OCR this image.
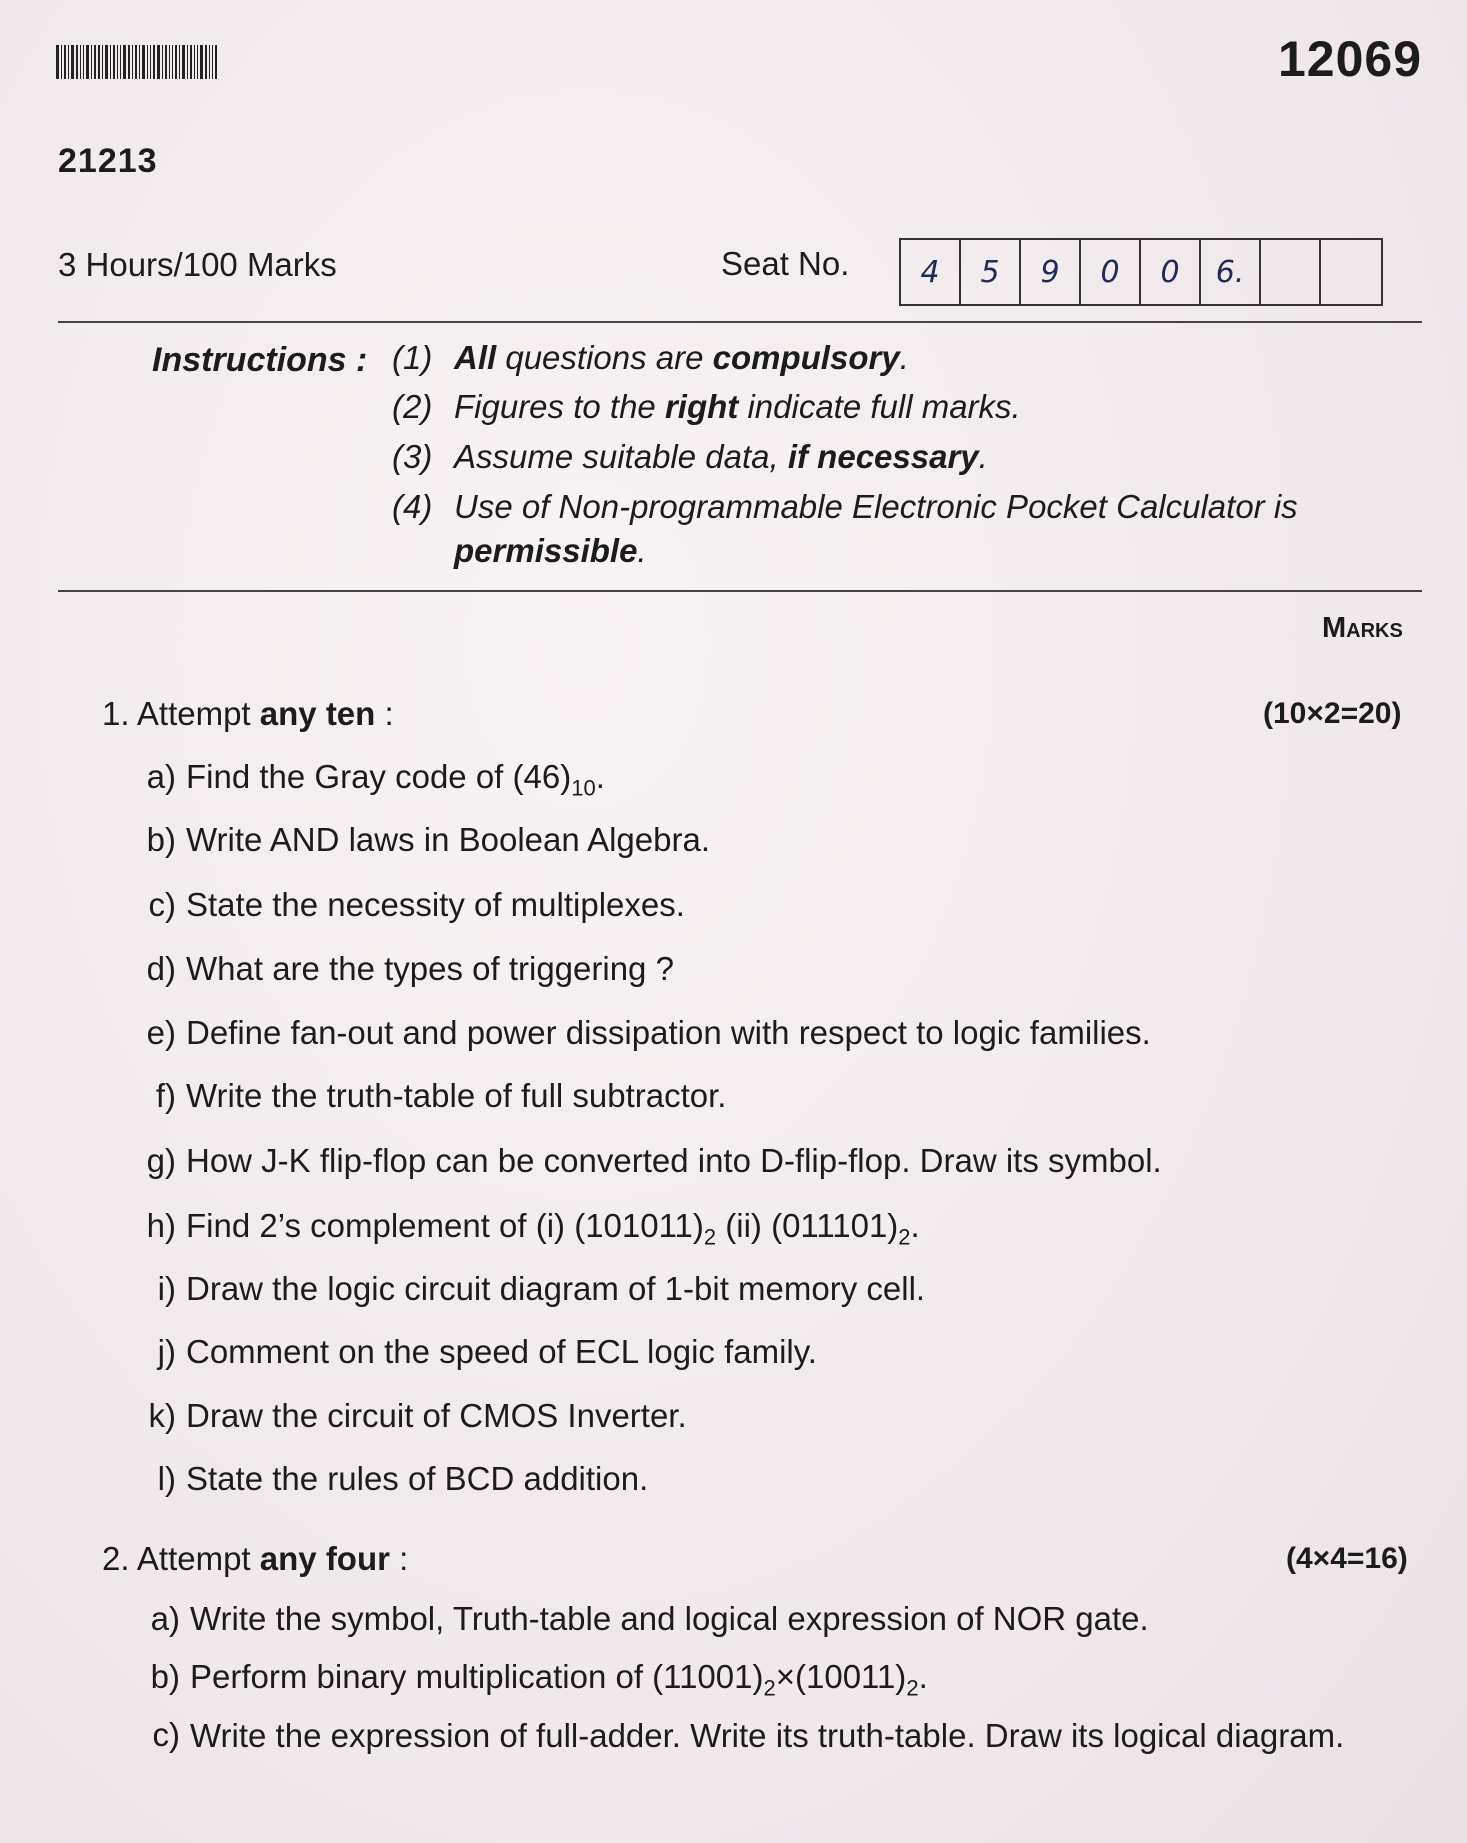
12069
21213
3 Hours/100 Marks	Seat No.	4	5	9	0	0	6.
Instructions : (1) All questions are compulsory.
(2) Figures to the right indicate full marks.
(3) Assume suitable data, if necessary.
(4) Use of Non-programmable Electronic Pocket Calculator is permissible.
Marks
1. Attempt any ten :	(10×2=20)
a) Find the Gray code of $(46)_{10}$.
b) Write AND laws in Boolean Algebra.
c) State the necessity of multiplexes.
d) What are the types of triggering ?
e) Define fan-out and power dissipation with respect to logic families.
f) Write the truth-table of full subtractor.
g) How J-K flip-flop can be converted into D-flip-flop. Draw its symbol.
h) Find 2’s complement of (i) $(101011)_2$ (ii) $(011101)_2$.
i) Draw the logic circuit diagram of 1-bit memory cell.
j) Comment on the speed of ECL logic family.
k) Draw the circuit of CMOS Inverter.
l) State the rules of BCD addition.
2. Attempt any four :	(4×4=16)
a) Write the symbol, Truth-table and logical expression of NOR gate.
b) Perform binary multiplication of $(11001)_2\times(10011)_2$.
c) Write the expression of full-adder. Write its truth-table. Draw its logical diagram.
